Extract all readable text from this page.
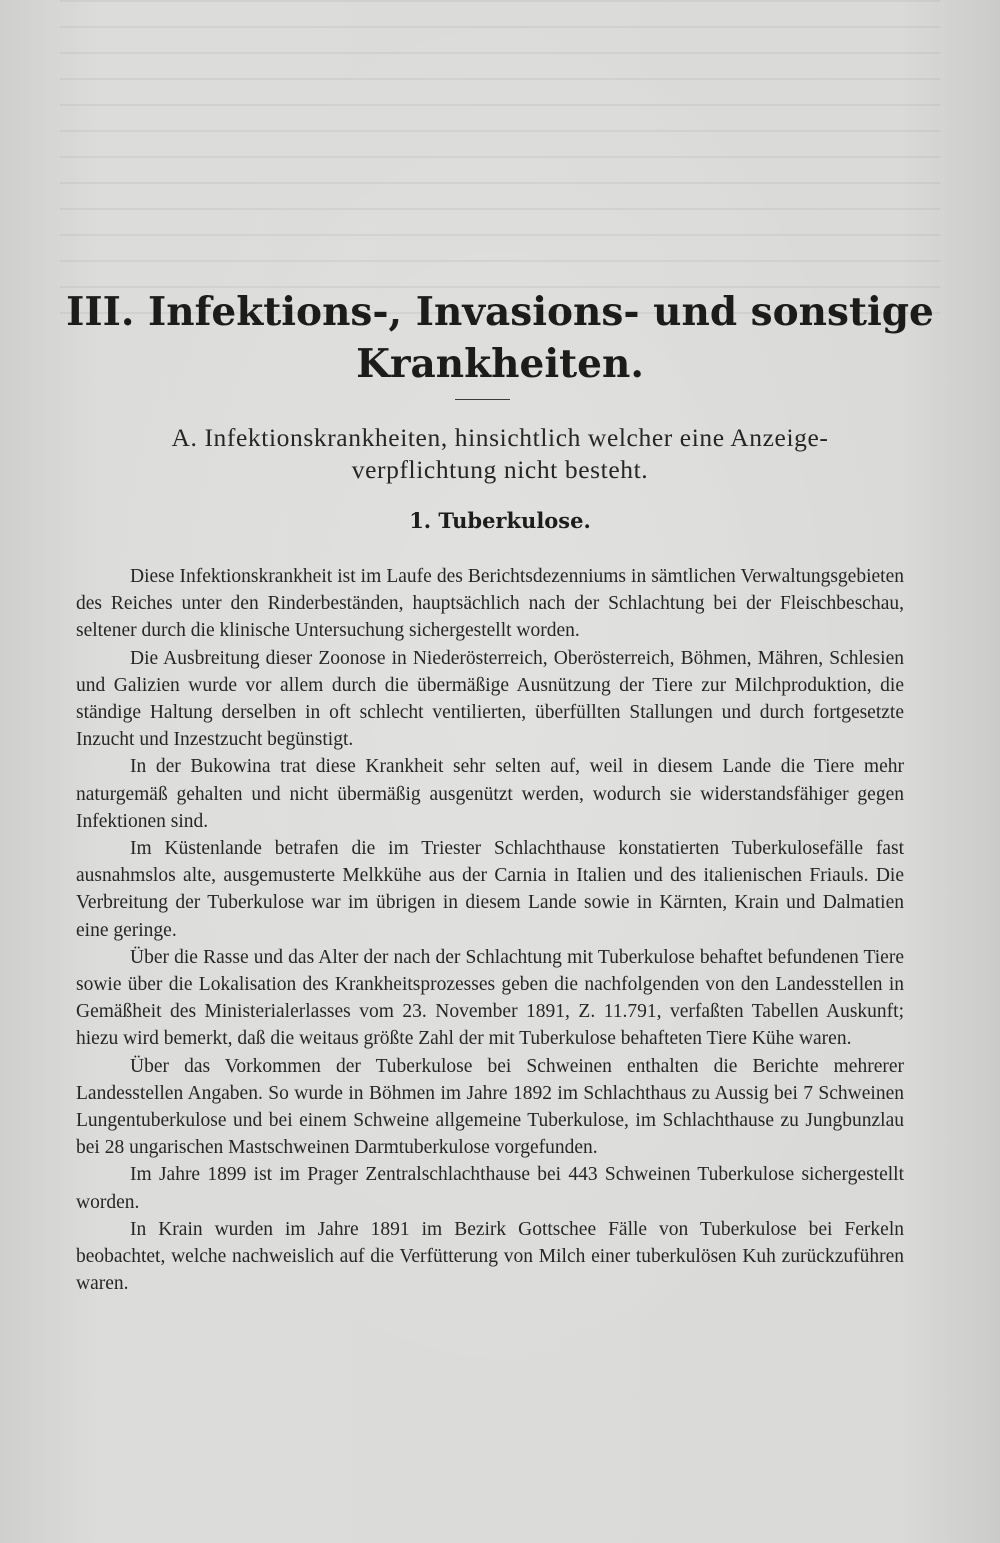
III. Infektions-, Invasions- und sonstige
Krankheiten.
A. Infektionskrankheiten, hinsichtlich welcher eine Anzeige-
verpflichtung nicht besteht.
1. Tuberkulose.

Diese Infektionskrankheit ist im Laufe des Berichtsdezenniums in sämtlichen Verwaltungsgebieten des Reiches unter den Rinderbeständen, hauptsächlich nach der Schlachtung bei der Fleischbeschau, seltener durch die klinische Untersuchung sichergestellt worden.

Die Ausbreitung dieser Zoonose in Niederösterreich, Oberösterreich, Böhmen, Mähren, Schlesien und Galizien wurde vor allem durch die übermäßige Ausnützung der Tiere zur Milchproduktion, die ständige Haltung derselben in oft schlecht ventilierten, überfüllten Stallungen und durch fortgesetzte Inzucht und Inzestzucht begünstigt.

In der Bukowina trat diese Krankheit sehr selten auf, weil in diesem Lande die Tiere mehr naturgemäß gehalten und nicht übermäßig ausgenützt werden, wodurch sie widerstandsfähiger gegen Infektionen sind.

Im Küstenlande betrafen die im Triester Schlachthause konstatierten Tuberkulosefälle fast ausnahmslos alte, ausgemusterte Melkkühe aus der Carnia in Italien und des italienischen Friauls. Die Verbreitung der Tuberkulose war im übrigen in diesem Lande sowie in Kärnten, Krain und Dalmatien eine geringe.

Über die Rasse und das Alter der nach der Schlachtung mit Tuberkulose behaftet befundenen Tiere sowie über die Lokalisation des Krankheitsprozesses geben die nachfolgenden von den Landesstellen in Gemäßheit des Ministerialerlasses vom 23. November 1891, Z. 11.791, verfaßten Tabellen Auskunft; hiezu wird bemerkt, daß die weitaus größte Zahl der mit Tuberkulose behafteten Tiere Kühe waren.

Über das Vorkommen der Tuberkulose bei Schweinen enthalten die Berichte mehrerer Landesstellen Angaben. So wurde in Böhmen im Jahre 1892 im Schlachthaus zu Aussig bei 7 Schweinen Lungentuberkulose und bei einem Schweine allgemeine Tuberkulose, im Schlachthause zu Jungbunzlau bei 28 ungarischen Mastschweinen Darmtuberkulose vorgefunden.

Im Jahre 1899 ist im Prager Zentralschlachthause bei 443 Schweinen Tuberkulose sichergestellt worden.

In Krain wurden im Jahre 1891 im Bezirk Gottschee Fälle von Tuberkulose bei Ferkeln beobachtet, welche nachweislich auf die Verfütterung von Milch einer tuberkulösen Kuh zurückzuführen waren.
